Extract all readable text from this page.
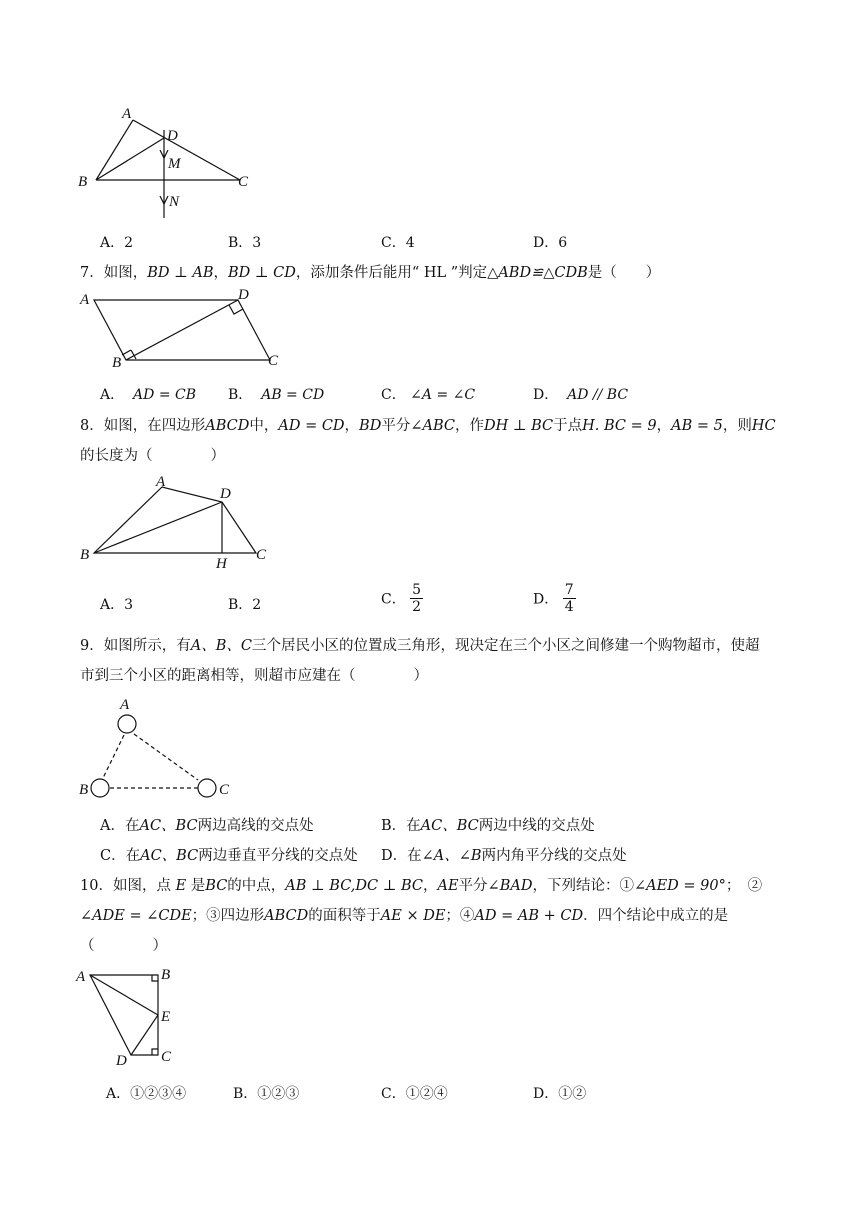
A
D
M
B	C
N
A．2	B．3	C．4	D．6
7．如图，BD ⊥ AB，BD ⊥ CD，添加条件后能用“ HL ”判定△ABD≌△CDB是（　　）
A	D
B	C
A． AD = CB B． AB = CD	C． ∠A = ∠C	D． AD // BC
8．如图，在四边形ABCD中，AD = CD，BD平分∠ABC，作DH ⊥ BC于点H. BC = 9，AB = 5，则HC
的长度为（　　　　）
A
D
B	C
H
A．3	B．2	C． $\frac{5}{2}$	D． $\frac{7}{4}$
9．如图所示，有A、B、C三个居民小区的位置成三角形，现决定在三个小区之间修建一个购物超市，使超
市到三个小区的距离相等，则超市应建在（　　　　）
A
B	C
A．在AC、BC两边高线的交点处	B．在AC、BC两边中线的交点处
C．在AC、BC两边垂直平分线的交点处 D．在∠A、∠B两内角平分线的交点处
10．如图，点 E 是BC的中点，AB ⊥ BC,DC ⊥ BC，AE平分∠BAD，下列结论：①∠AED = 90°；　②
∠ADE = ∠CDE；③四边形ABCD的面积等于AE × DE；④AD = AB + CD．四个结论中成立的是
（　　　　）
A	B
E
D C
A．①②③④	B．①②③	C．①②④	D．①②
